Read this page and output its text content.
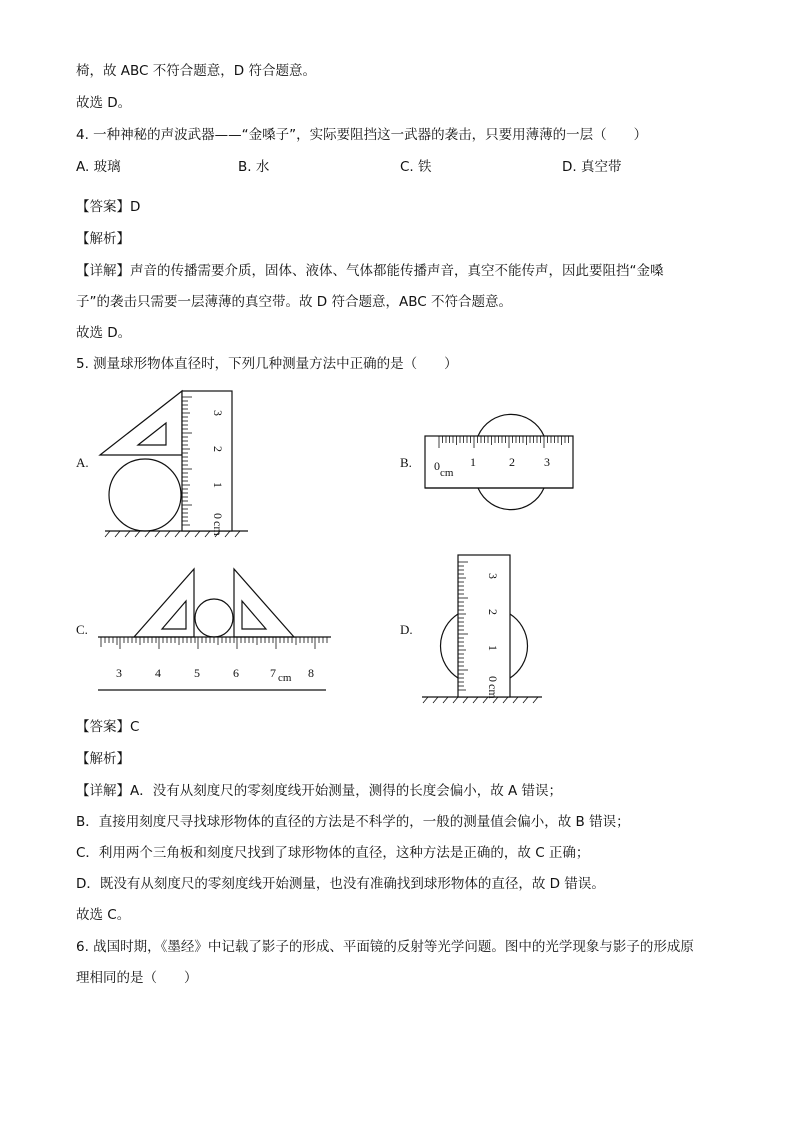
椅，故 ABC 不符合题意，D 符合题意。
故选 D。
4. 一种神秘的声波武器——“金嗓子”，实际要阻挡这一武器的袭击，只要用薄薄的一层（　　）
A. 玻璃	B. 水	C. 铁	D. 真空带
【答案】D
【解析】
【详解】声音的传播需要介质，固体、液体、气体都能传播声音，真空不能传声，因此要阻挡“金嗓
子”的袭击只需要一层薄薄的真空带。故 D 符合题意，ABC 不符合题意。
故选 D。
5. 测量球形物体直径时，下列几种测量方法中正确的是（　　）
A.
3
2
1
0
cm
B. 0 cm
1	2 3
C.
3	4	5	6	7 cm 8
D.
3
2
1
0
cm
【答案】C
【解析】
【详解】A．没有从刻度尺的零刻度线开始测量，测得的长度会偏小，故 A 错误；
B．直接用刻度尺寻找球形物体的直径的方法是不科学的，一般的测量值会偏小，故 B 错误；
C．利用两个三角板和刻度尺找到了球形物体的直径，这种方法是正确的，故 C 正确；
D．既没有从刻度尺的零刻度线开始测量，也没有准确找到球形物体的直径，故 D 错误。
故选 C。
6. 战国时期，《墨经》中记载了影子的形成、平面镜的反射等光学问题。图中的光学现象与影子的形成原
理相同的是（　　）
